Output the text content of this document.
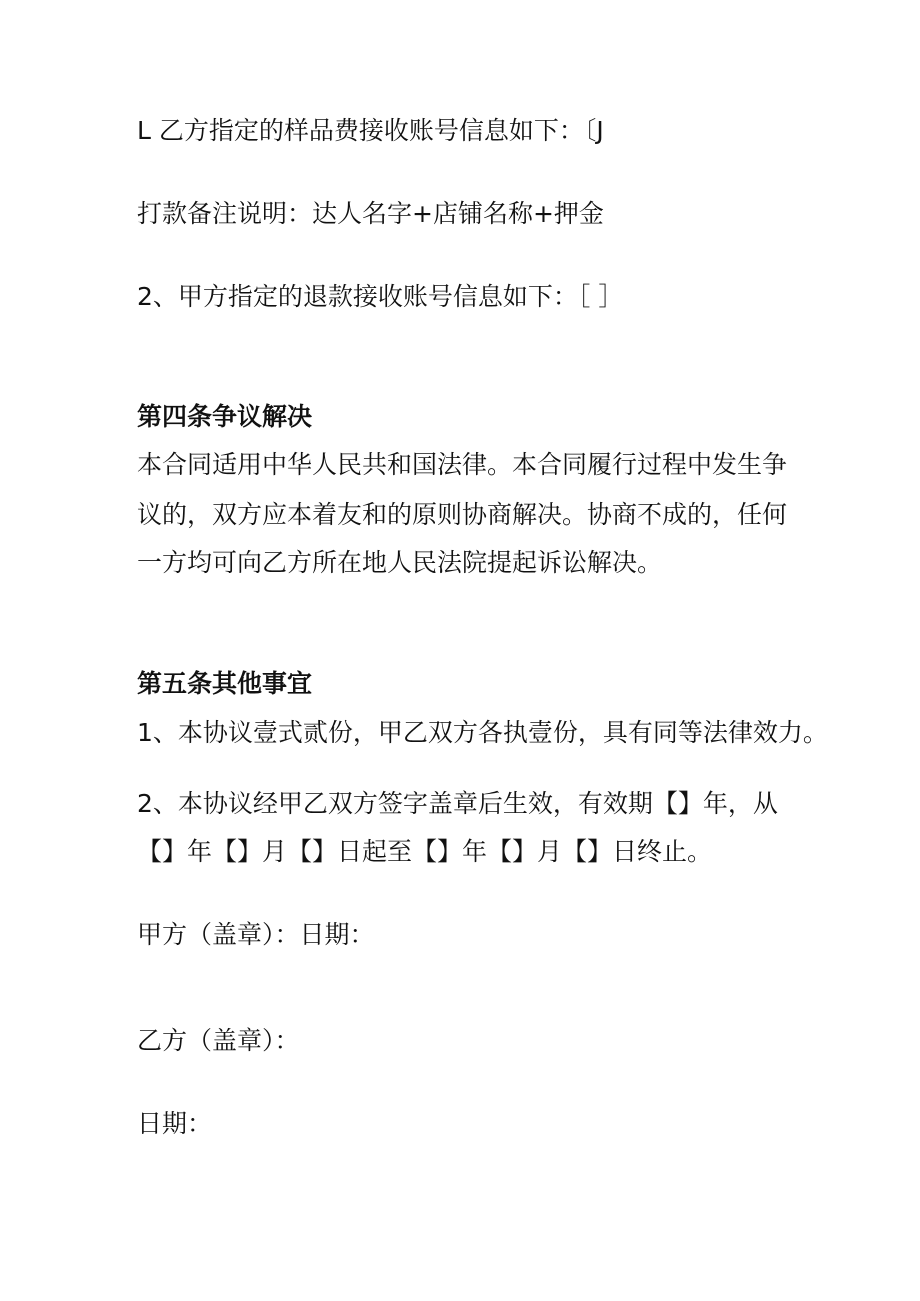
L 乙方指定的样品费接收账号信息如下：〔J
打款备注说明：达人名字+店铺名称+押金
2、甲方指定的退款接收账号信息如下：［ ］
第四条争议解决
本合同适用中华人民共和国法律。本合同履行过程中发生争
议的，双方应本着友和的原则协商解决。协商不成的，任何
一方均可向乙方所在地人民法院提起诉讼解决。
第五条其他事宜
1、本协议壹式贰份，甲乙双方各执壹份，具有同等法律效力。
2、本协议经甲乙双方签字盖章后生效，有效期【】年，从
【】年【】月【】日起至【】年【】月【】日终止。
甲方（盖章）：日期：
乙方（盖章）：
日期：
